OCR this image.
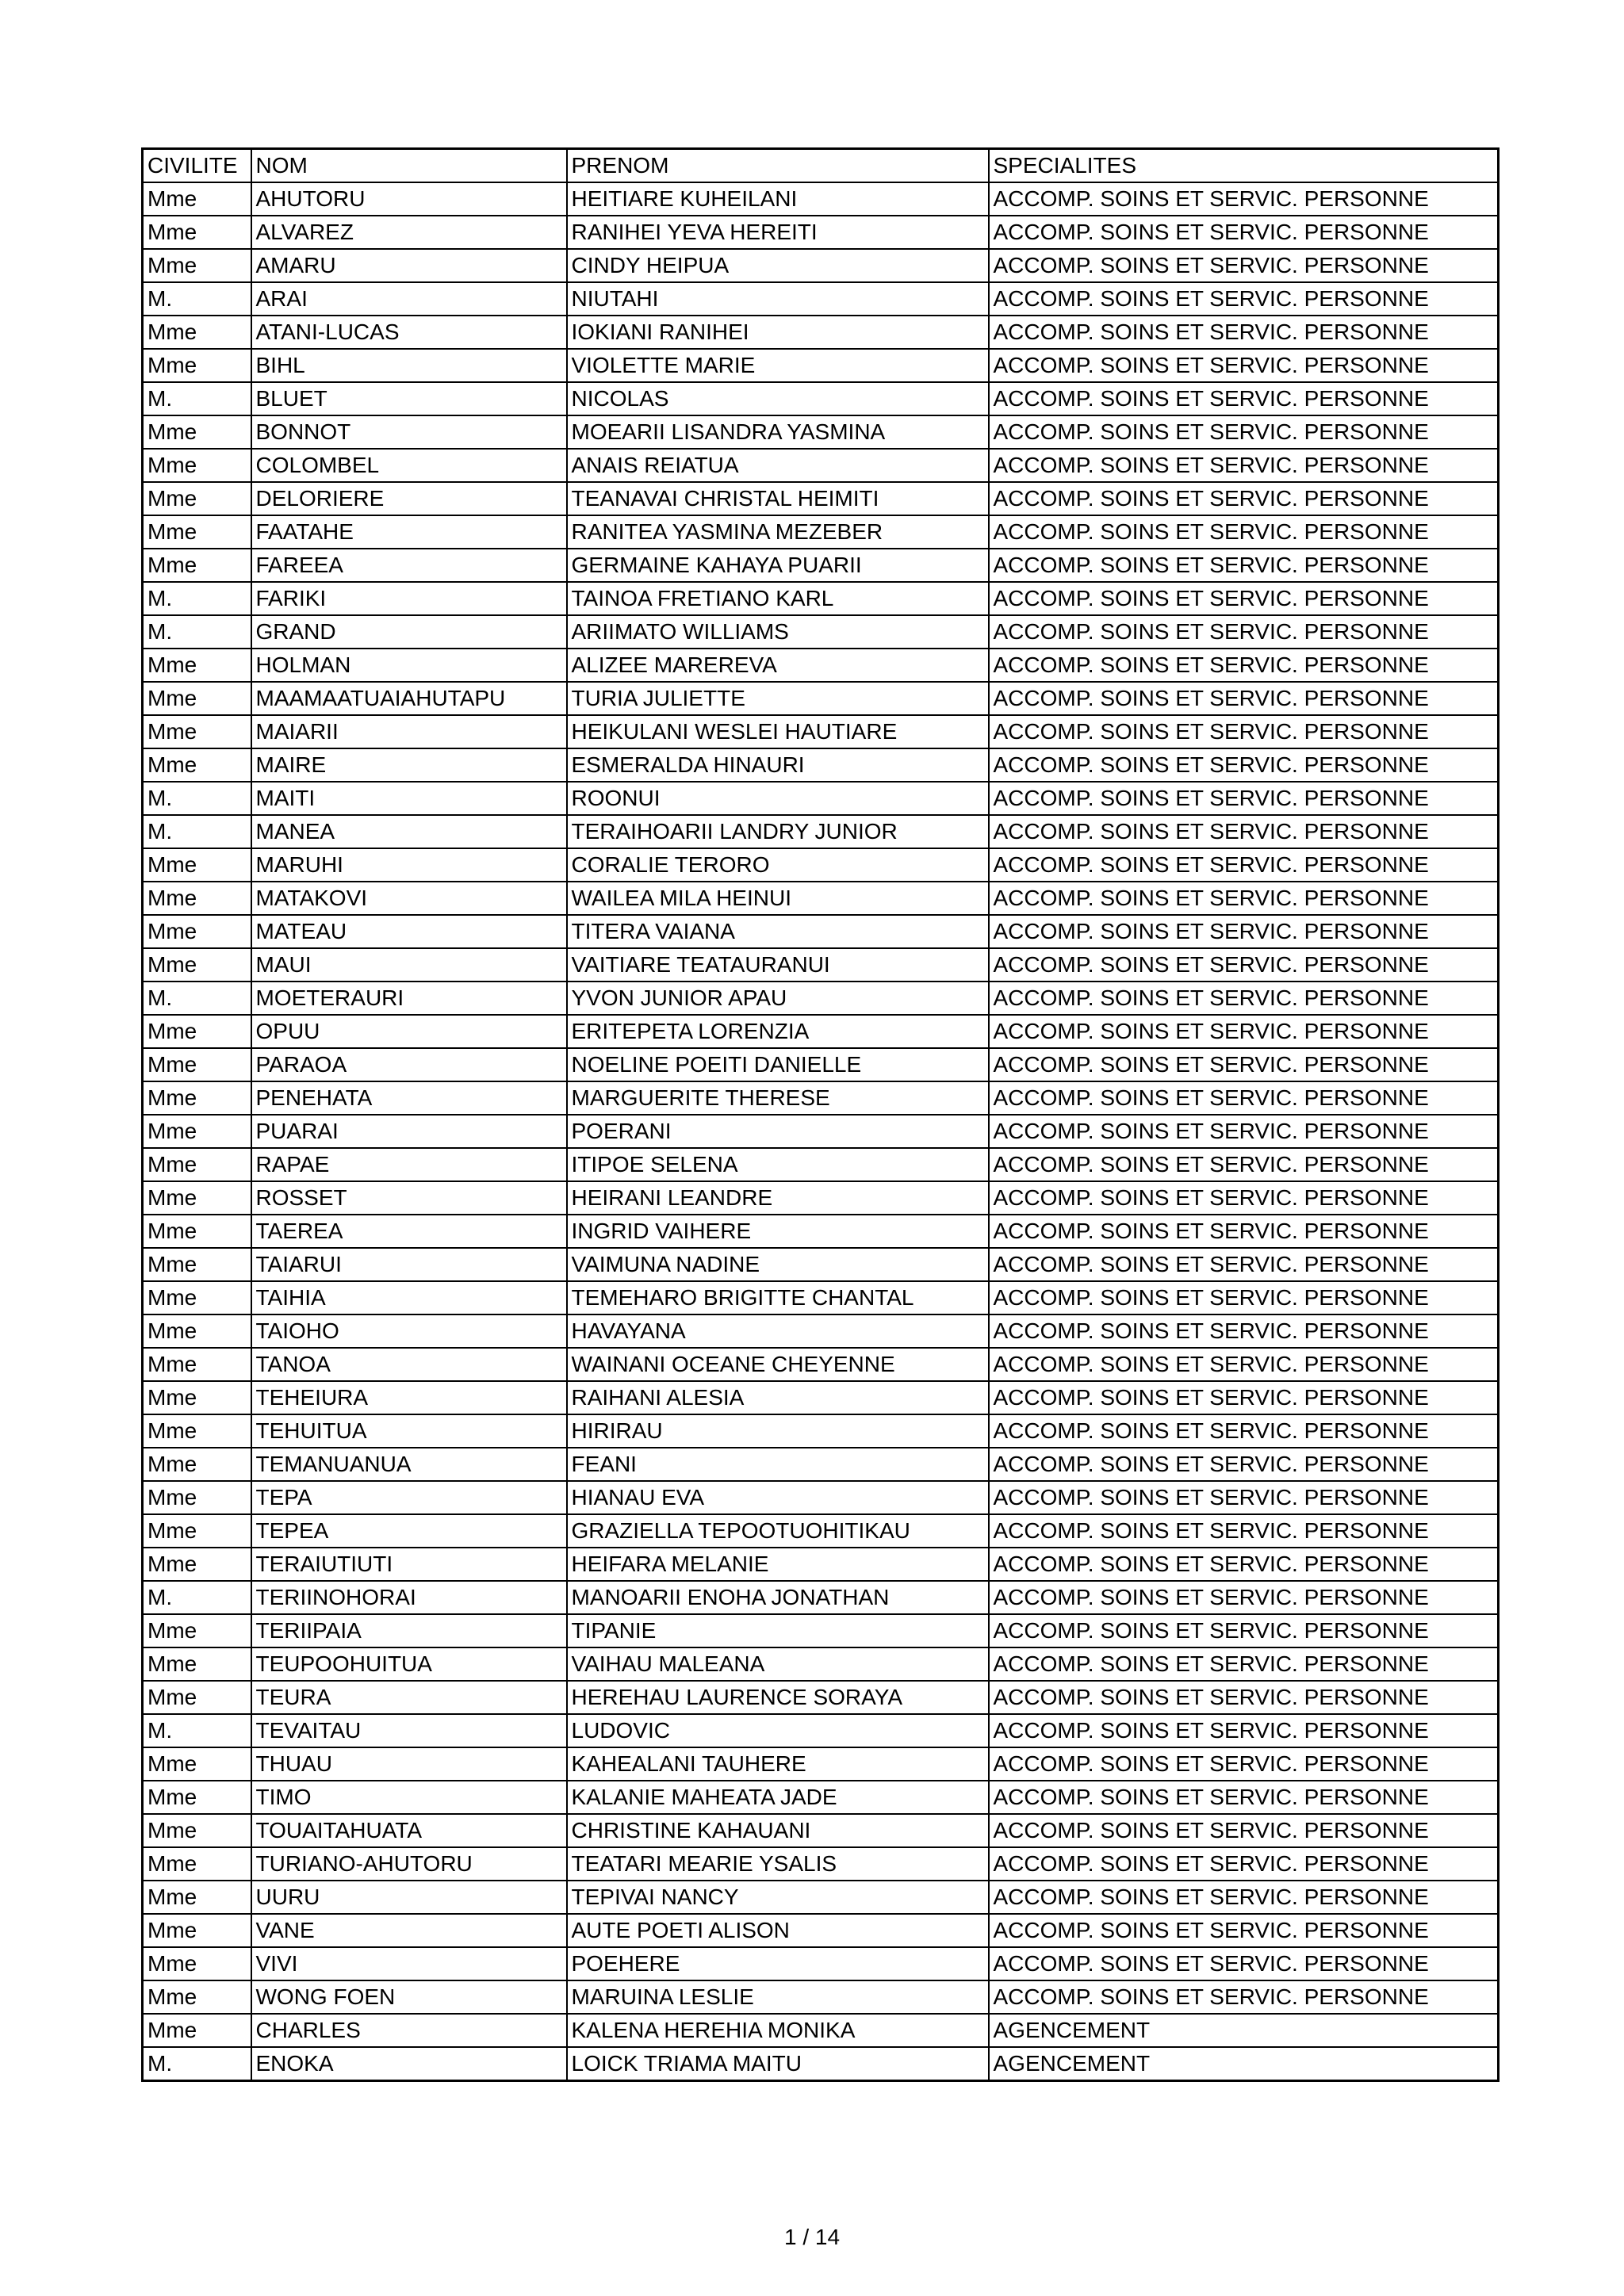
CIVILITE	NOM	PRENOM	SPECIALITES
Mme	AHUTORU	HEITIARE KUHEILANI	ACCOMP. SOINS ET SERVIC. PERSONNE
Mme	ALVAREZ	RANIHEI YEVA HEREITI	ACCOMP. SOINS ET SERVIC. PERSONNE
Mme	AMARU	CINDY HEIPUA	ACCOMP. SOINS ET SERVIC. PERSONNE
M.	ARAI	NIUTAHI	ACCOMP. SOINS ET SERVIC. PERSONNE
Mme	ATANI-LUCAS	IOKIANI RANIHEI	ACCOMP. SOINS ET SERVIC. PERSONNE
Mme	BIHL	VIOLETTE MARIE	ACCOMP. SOINS ET SERVIC. PERSONNE
M.	BLUET	NICOLAS	ACCOMP. SOINS ET SERVIC. PERSONNE
Mme	BONNOT	MOEARII LISANDRA YASMINA	ACCOMP. SOINS ET SERVIC. PERSONNE
Mme	COLOMBEL	ANAIS REIATUA	ACCOMP. SOINS ET SERVIC. PERSONNE
Mme	DELORIERE	TEANAVAI CHRISTAL HEIMITI	ACCOMP. SOINS ET SERVIC. PERSONNE
Mme	FAATAHE	RANITEA YASMINA MEZEBER	ACCOMP. SOINS ET SERVIC. PERSONNE
Mme	FAREEA	GERMAINE KAHAYA PUARII	ACCOMP. SOINS ET SERVIC. PERSONNE
M.	FARIKI	TAINOA FRETIANO KARL	ACCOMP. SOINS ET SERVIC. PERSONNE
M.	GRAND	ARIIMATO WILLIAMS	ACCOMP. SOINS ET SERVIC. PERSONNE
Mme	HOLMAN	ALIZEE MAREREVA	ACCOMP. SOINS ET SERVIC. PERSONNE
Mme	MAAMAATUAIAHUTAPU	TURIA JULIETTE	ACCOMP. SOINS ET SERVIC. PERSONNE
Mme	MAIARII	HEIKULANI WESLEI HAUTIARE	ACCOMP. SOINS ET SERVIC. PERSONNE
Mme	MAIRE	ESMERALDA HINAURI	ACCOMP. SOINS ET SERVIC. PERSONNE
M.	MAITI	ROONUI	ACCOMP. SOINS ET SERVIC. PERSONNE
M.	MANEA	TERAIHOARII LANDRY JUNIOR	ACCOMP. SOINS ET SERVIC. PERSONNE
Mme	MARUHI	CORALIE TERORO	ACCOMP. SOINS ET SERVIC. PERSONNE
Mme	MATAKOVI	WAILEA MILA HEINUI	ACCOMP. SOINS ET SERVIC. PERSONNE
Mme	MATEAU	TITERA VAIANA	ACCOMP. SOINS ET SERVIC. PERSONNE
Mme	MAUI	VAITIARE TEATAURANUI	ACCOMP. SOINS ET SERVIC. PERSONNE
M.	MOETERAURI	YVON JUNIOR APAU	ACCOMP. SOINS ET SERVIC. PERSONNE
Mme	OPUU	ERITEPETA LORENZIA	ACCOMP. SOINS ET SERVIC. PERSONNE
Mme	PARAOA	NOELINE POEITI DANIELLE	ACCOMP. SOINS ET SERVIC. PERSONNE
Mme	PENEHATA	MARGUERITE THERESE	ACCOMP. SOINS ET SERVIC. PERSONNE
Mme	PUARAI	POERANI	ACCOMP. SOINS ET SERVIC. PERSONNE
Mme	RAPAE	ITIPOE SELENA	ACCOMP. SOINS ET SERVIC. PERSONNE
Mme	ROSSET	HEIRANI LEANDRE	ACCOMP. SOINS ET SERVIC. PERSONNE
Mme	TAEREA	INGRID VAIHERE	ACCOMP. SOINS ET SERVIC. PERSONNE
Mme	TAIARUI	VAIMUNA NADINE	ACCOMP. SOINS ET SERVIC. PERSONNE
Mme	TAIHIA	TEMEHARO BRIGITTE CHANTAL	ACCOMP. SOINS ET SERVIC. PERSONNE
Mme	TAIOHO	HAVAYANA	ACCOMP. SOINS ET SERVIC. PERSONNE
Mme	TANOA	WAINANI OCEANE CHEYENNE	ACCOMP. SOINS ET SERVIC. PERSONNE
Mme	TEHEIURA	RAIHANI ALESIA	ACCOMP. SOINS ET SERVIC. PERSONNE
Mme	TEHUITUA	HIRIRAU	ACCOMP. SOINS ET SERVIC. PERSONNE
Mme	TEMANUANUA	FEANI	ACCOMP. SOINS ET SERVIC. PERSONNE
Mme	TEPA	HIANAU EVA	ACCOMP. SOINS ET SERVIC. PERSONNE
Mme	TEPEA	GRAZIELLA TEPOOTUOHITIKAU	ACCOMP. SOINS ET SERVIC. PERSONNE
Mme	TERAIUTIUTI	HEIFARA MELANIE	ACCOMP. SOINS ET SERVIC. PERSONNE
M.	TERIINOHORAI	MANOARII ENOHA JONATHAN	ACCOMP. SOINS ET SERVIC. PERSONNE
Mme	TERIIPAIA	TIPANIE	ACCOMP. SOINS ET SERVIC. PERSONNE
Mme	TEUPOOHUITUA	VAIHAU MALEANA	ACCOMP. SOINS ET SERVIC. PERSONNE
Mme	TEURA	HEREHAU LAURENCE SORAYA	ACCOMP. SOINS ET SERVIC. PERSONNE
M.	TEVAITAU	LUDOVIC	ACCOMP. SOINS ET SERVIC. PERSONNE
Mme	THUAU	KAHEALANI TAUHERE	ACCOMP. SOINS ET SERVIC. PERSONNE
Mme	TIMO	KALANIE MAHEATA JADE	ACCOMP. SOINS ET SERVIC. PERSONNE
Mme	TOUAITAHUATA	CHRISTINE KAHAUANI	ACCOMP. SOINS ET SERVIC. PERSONNE
Mme	TURIANO-AHUTORU	TEATARI MEARIE YSALIS	ACCOMP. SOINS ET SERVIC. PERSONNE
Mme	UURU	TEPIVAI NANCY	ACCOMP. SOINS ET SERVIC. PERSONNE
Mme	VANE	AUTE POETI ALISON	ACCOMP. SOINS ET SERVIC. PERSONNE
Mme	VIVI	POEHERE	ACCOMP. SOINS ET SERVIC. PERSONNE
Mme	WONG FOEN	MARUINA LESLIE	ACCOMP. SOINS ET SERVIC. PERSONNE
Mme	CHARLES	KALENA HEREHIA MONIKA	AGENCEMENT
M.	ENOKA	LOICK TRIAMA MAITU	AGENCEMENT
1 / 14
